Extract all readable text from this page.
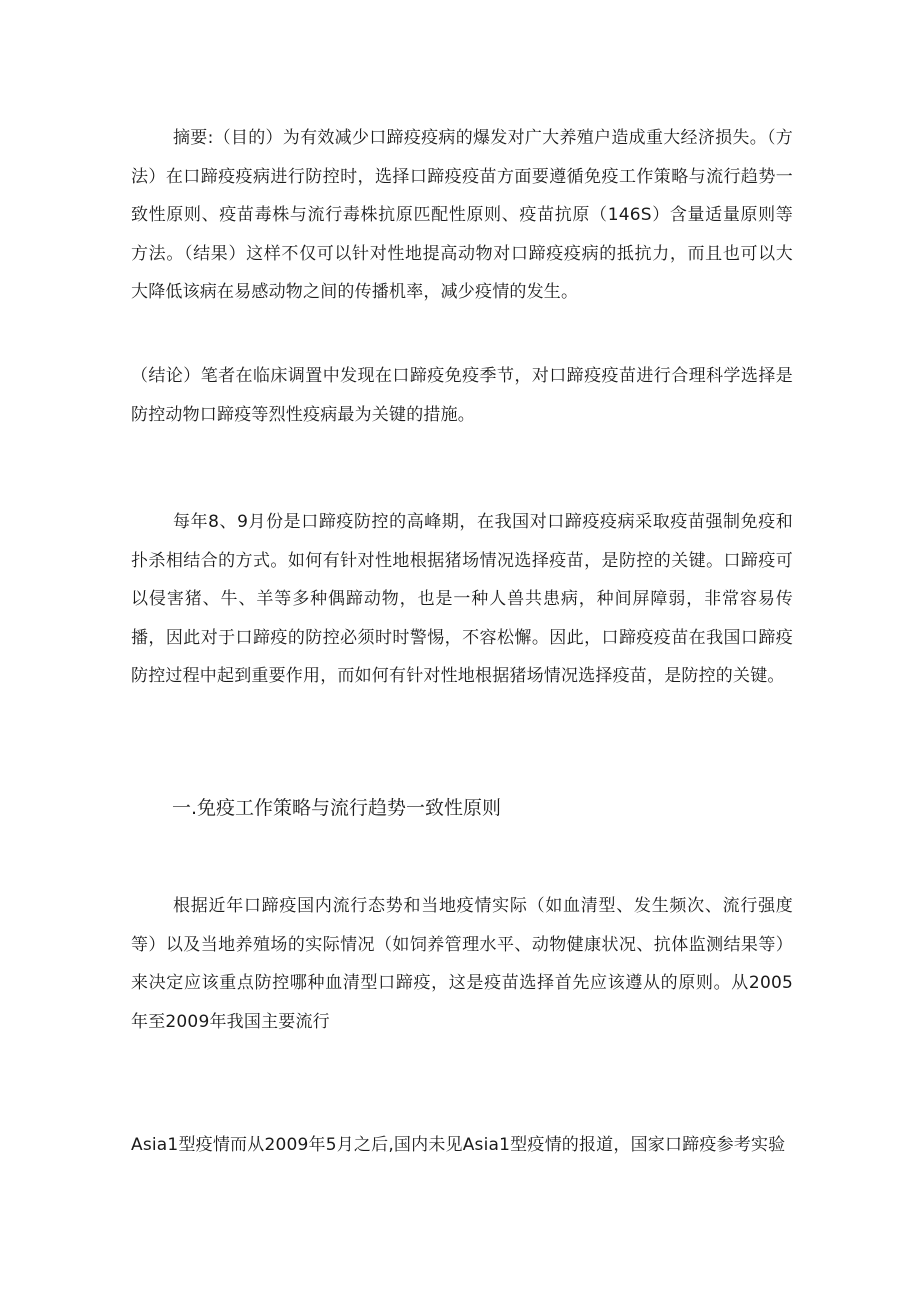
摘要:（目的）为有效减少口蹄疫疫病的爆发对广大养殖户造成重大经济损失。（方法）在口蹄疫疫病进行防控时，选择口蹄疫疫苗方面要遵循免疫工作策略与流行趋势一致性原则、疫苗毒株与流行毒株抗原匹配性原则、疫苗抗原（146S）含量适量原则等方法。（结果）这样不仅可以针对性地提高动物对口蹄疫疫病的抵抗力，而且也可以大大降低该病在易感动物之间的传播机率，减少疫情的发生。

（结论）笔者在临床调置中发现在口蹄疫免疫季节，对口蹄疫疫苗进行合理科学选择是防控动物口蹄疫等烈性疫病最为关键的措施。

每年8、9月份是口蹄疫防控的高峰期，在我国对口蹄疫疫病采取疫苗强制免疫和扑杀相结合的方式。如何有针对性地根据猪场情况选择疫苗，是防控的关键。口蹄疫可以侵害猪、牛、羊等多种偶蹄动物，也是一种人兽共患病，种间屏障弱，非常容易传播，因此对于口蹄疫的防控必须时时警惕，不容松懈。因此，口蹄疫疫苗在我国口蹄疫防控过程中起到重要作用，而如何有针对性地根据猪场情况选择疫苗，是防控的关键。

一.免疫工作策略与流行趋势一致性原则

根据近年口蹄疫国内流行态势和当地疫情实际（如血清型、发生频次、流行强度等）以及当地养殖场的实际情况（如饲养管理水平、动物健康状况、抗体监测结果等）来决定应该重点防控哪种血清型口蹄疫，这是疫苗选择首先应该遵从的原则。从2005年至2009年我国主要流行

Asia1型疫情而从2009年5月之后,国内未见Asia1型疫情的报道，国家口蹄疫参考实验
